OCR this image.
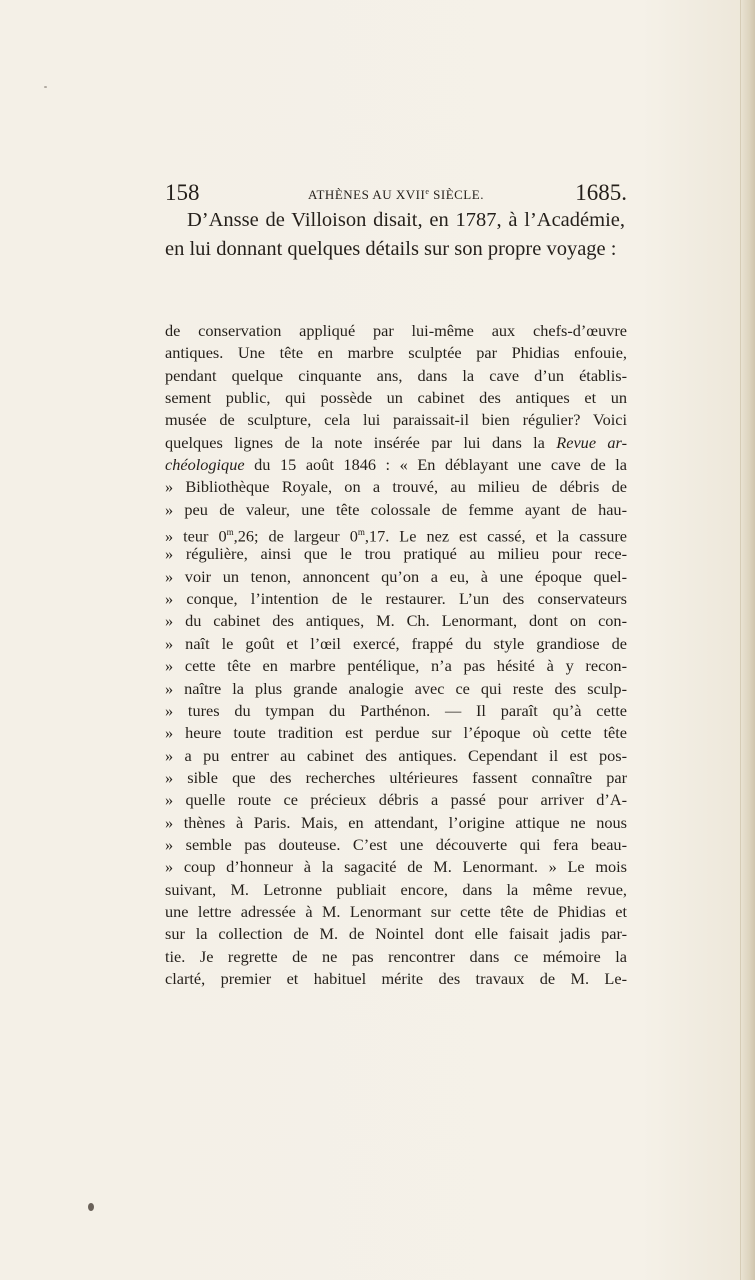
158	ATHÈNES AU XVIIe SIÈCLE.	1685.
D’Ansse de Villoison disait, en 1787, à l’Académie, en lui donnant quelques détails sur son propre voyage :
de conservation appliqué par lui-même aux chefs-d’œuvre
antiques. Une tête en marbre sculptée par Phidias enfouie,
pendant quelque cinquante ans, dans la cave d’un établis-
sement public, qui possède un cabinet des antiques et un
musée de sculpture, cela lui paraissait-il bien régulier? Voici
quelques lignes de la note insérée par lui dans la Revue ar-
chéologique du 15 août 1846 : « En déblayant une cave de la
» Bibliothèque Royale, on a trouvé, au milieu de débris de
» peu de valeur, une tête colossale de femme ayant de hau-
» teur 0$^m$,26; de largeur 0$^m$,17. Le nez est cassé, et la cassure
» régulière, ainsi que le trou pratiqué au milieu pour rece-
» voir un tenon, annoncent qu’on a eu, à une époque quel-
» conque, l’intention de le restaurer. L’un des conservateurs
» du cabinet des antiques, M. Ch. Lenormant, dont on con-
» naît le goût et l’œil exercé, frappé du style grandiose de
» cette tête en marbre pentélique, n’a pas hésité à y recon-
» naître la plus grande analogie avec ce qui reste des sculp-
» tures du tympan du Parthénon. — Il paraît qu’à cette
» heure toute tradition est perdue sur l’époque où cette tête
» a pu entrer au cabinet des antiques. Cependant il est pos-
» sible que des recherches ultérieures fassent connaître par
» quelle route ce précieux débris a passé pour arriver d’A-
» thènes à Paris. Mais, en attendant, l’origine attique ne nous
» semble pas douteuse. C’est une découverte qui fera beau-
» coup d’honneur à la sagacité de M. Lenormant. » Le mois
suivant, M. Letronne publiait encore, dans la même revue,
une lettre adressée à M. Lenormant sur cette tête de Phidias et
sur la collection de M. de Nointel dont elle faisait jadis par-
tie. Je regrette de ne pas rencontrer dans ce mémoire la
clarté, premier et habituel mérite des travaux de M. Le-
